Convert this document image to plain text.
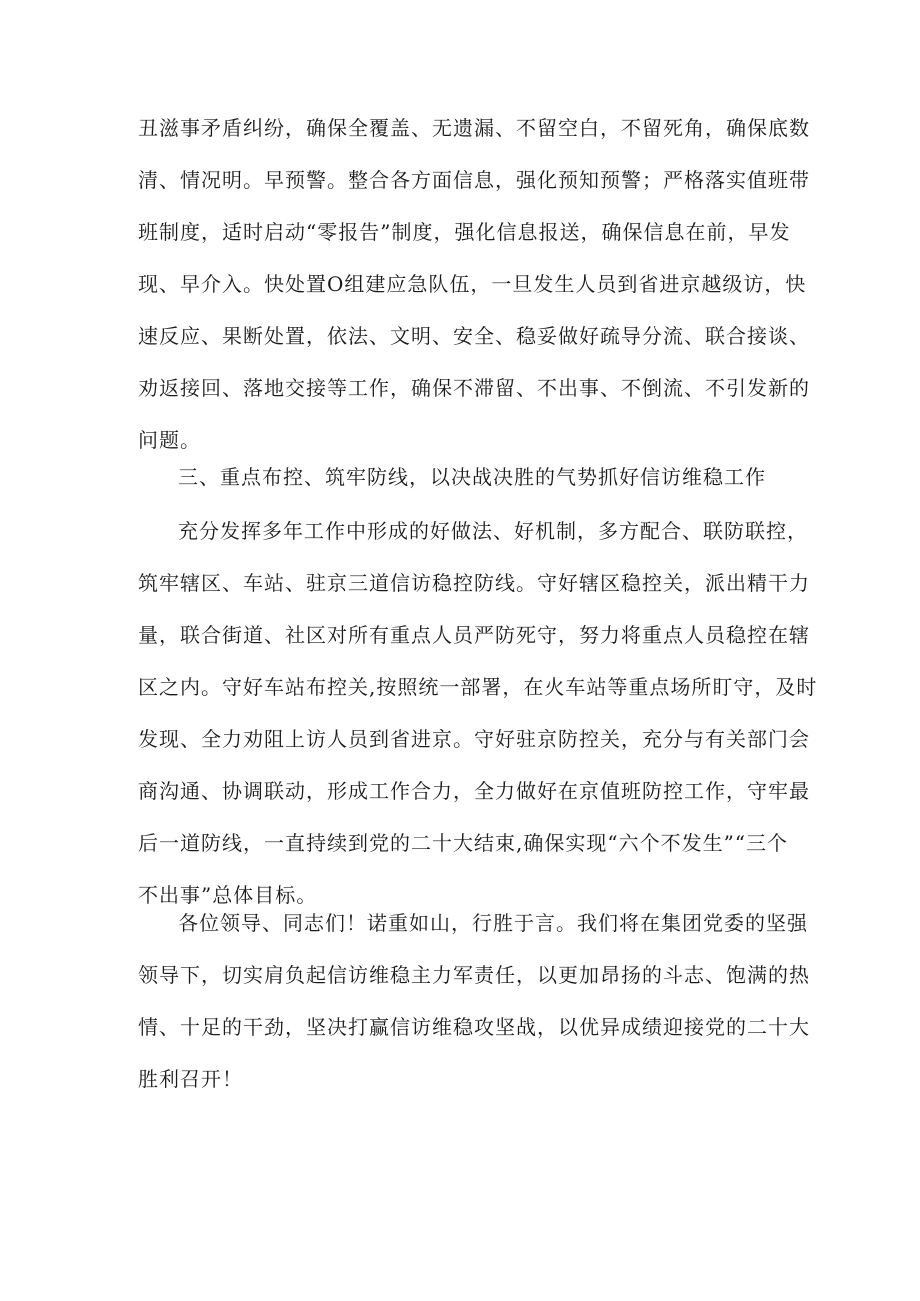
丑滋事矛盾纠纷，确保全覆盖、无遗漏、不留空白，不留死角，确保底数

清、情况明。早预警。整合各方面信息，强化预知预警；严格落实值班带

班制度，适时启动“零报告”制度，强化信息报送，确保信息在前，早发

现、早介入。快处置O组建应急队伍，一旦发生人员到省进京越级访，快

速反应、果断处置，依法、文明、安全、稳妥做好疏导分流、联合接谈、

劝返接回、落地交接等工作，确保不滞留、不出事、不倒流、不引发新的

问题。

三、重点布控、筑牢防线，以决战决胜的气势抓好信访维稳工作

充分发挥多年工作中形成的好做法、好机制，多方配合、联防联控，

筑牢辖区、车站、驻京三道信访稳控防线。守好辖区稳控关，派出精干力

量，联合街道、社区对所有重点人员严防死守，努力将重点人员稳控在辖

区之内。守好车站布控关,按照统一部署，在火车站等重点场所盯守，及时

发现、全力劝阻上访人员到省进京。守好驻京防控关，充分与有关部门会

商沟通、协调联动，形成工作合力，全力做好在京值班防控工作，守牢最

后一道防线，一直持续到党的二十大结束,确保实现“六个不发生”“三个

不出事”总体目标。

各位领导、同志们！诺重如山，行胜于言。我们将在集团党委的坚强

领导下，切实肩负起信访维稳主力军责任，以更加昂扬的斗志、饱满的热

情、十足的干劲，坚决打赢信访维稳攻坚战，以优异成绩迎接党的二十大

胜利召开！
